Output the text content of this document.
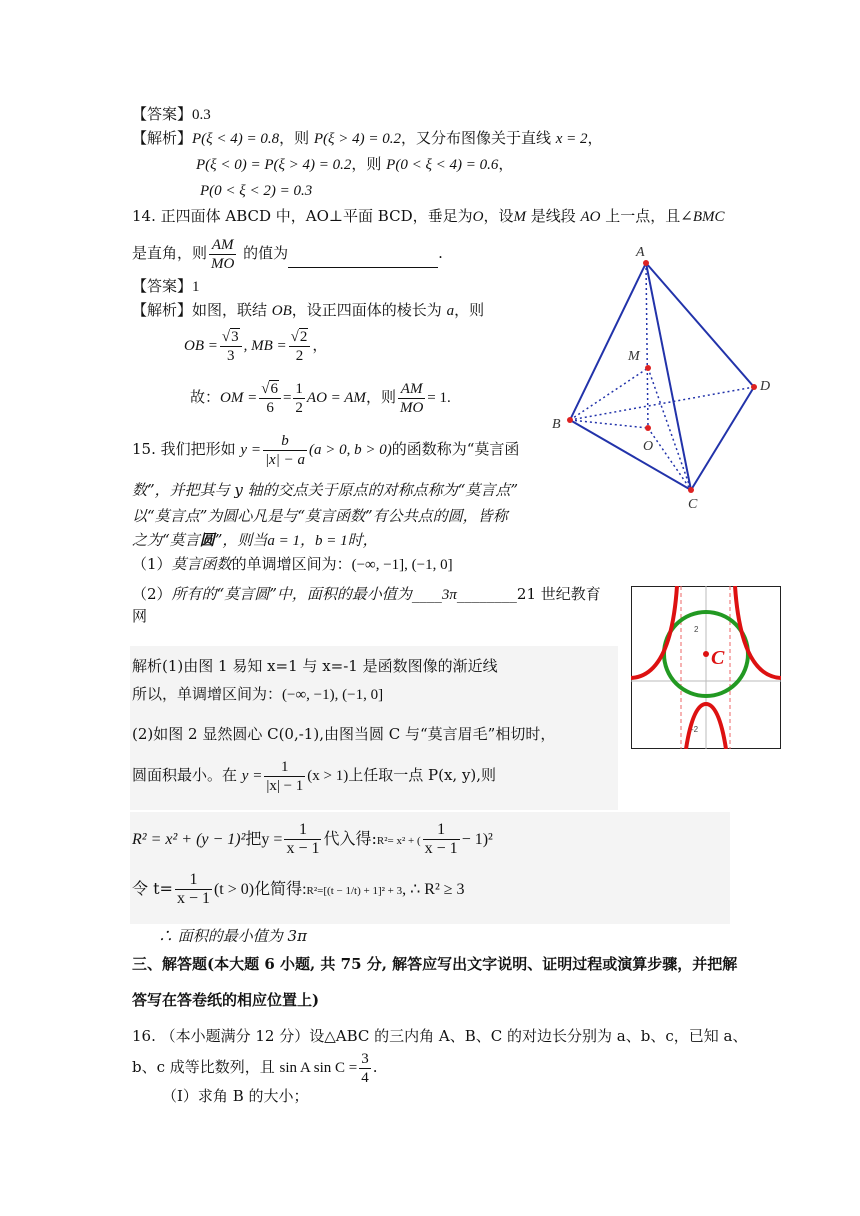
【答案】0.3
【解析】P(ξ < 4) = 0.8，则 P(ξ > 4) = 0.2，又分布图像关于直线 x = 2，
P(ξ < 0) = P(ξ > 4) = 0.2，则 P(0 < ξ < 4) = 0.6，
P(0 < ξ < 2) = 0.3
14. 正四面体 ABCD 中，AO⊥平面 BCD，垂足为O，设M 是线段 AO 上一点，且∠BMC
是直角，则 $\frac{AM}{MO}$ 的值为	.
【答案】1
【解析】如图，联结 OB，设正四面体的棱长为 a，则
OB = $\frac{√3}{3}$ , MB = $\frac{√2}{2}$ ，
故：OM = $\frac{√6}{6} = \frac{1}{2}$ AO = AM，则 $\frac{AM}{MO} = 1$.
A
B
C
D
M
O
15. 我们把形如 $y = \frac{b}{|x| - a} (a > 0$, b > 0)的函数称为“莫言函
数”，并把其与 y 轴的交点关于原点的对称点称为“莫言点”
以“莫言点”为圆心凡是与“莫言函数”有公共点的圆，皆称
之为“莫言圆”，则当a = 1，b = 1时，
（1）莫言函数的单调增区间为：(−∞, −1], (−1, 0]
（2）所有的“莫言圆”中，面积的最小值为____3π________21 世纪教育
网
解析(1)由图 1 易知 x=1 与 x=-1 是函数图像的渐近线
所以，单调增区间为：(−∞, −1), (−1, 0]
(2)如图 2 显然圆心 C(0,-1),由图当圆 C 与“莫言眉毛”相切时，
圆面积最小。在 $y = \frac{1}{|x| - 1} (x > 1)$上任取一点 P(x, y),则
R² = x² + (y − 1)²把$y = \frac{1}{x - 1}$ 代入得:R²= x² + ( $\frac{1}{x - 1} - 1)^2$
令 $t= \frac{1}{x - 1} (t > 0)$化简得:R²=[(t − 1/t) + 1]² + 3, ∴ R² ≥ 3
∴ 面积的最小值为 3π
C
2
-2
三、解答题(本大题 6 小题, 共 75 分, 解答应写出文字说明、证明过程或演算步骤，并把解
答写在答卷纸的相应位置上)
16. （本小题满分 12 分）设△ABC 的三内角 A、B、C 的对边长分别为 a、b、c，已知 a、
b、c 成等比数列，且 sin A $\sin C = \frac{3}{4}$ .
（Ⅰ）求角 B 的大小；
